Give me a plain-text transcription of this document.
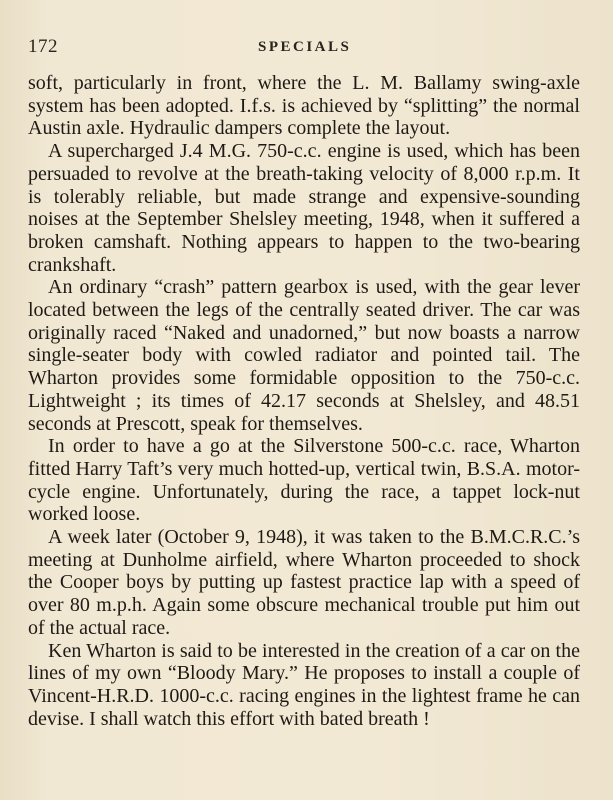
172	SPECIALS

soft, particularly in front, where the L. M. Ballamy swing-axle system has been adopted. I.f.s. is achieved by “splitting” the normal Austin axle. Hydraulic dampers complete the layout.

A supercharged J.4 M.G. 750-c.c. engine is used, which has been persuaded to revolve at the breath-taking velocity of 8,000 r.p.m. It is tolerably reliable, but made strange and expensive-sounding noises at the September Shelsley meeting, 1948, when it suffered a broken camshaft. Nothing appears to happen to the two-bearing crankshaft.

An ordinary “crash” pattern gearbox is used, with the gear lever located between the legs of the centrally seated driver. The car was originally raced “Naked and unadorned,” but now boasts a narrow single-seater body with cowled radiator and pointed tail. The Wharton provides some formidable opposition to the 750-c.c. Lightweight ; its times of 42.17 seconds at Shelsley, and 48.51 seconds at Prescott, speak for themselves.

In order to have a go at the Silverstone 500-c.c. race, Wharton fitted Harry Taft’s very much hotted-up, vertical twin, B.S.A. motor-cycle engine. Unfortunately, during the race, a tappet lock-nut worked loose.

A week later (October 9, 1948), it was taken to the B.M.C.R.C.’s meeting at Dunholme airfield, where Wharton proceeded to shock the Cooper boys by putting up fastest practice lap with a speed of over 80 m.p.h. Again some obscure mechanical trouble put him out of the actual race.

Ken Wharton is said to be interested in the creation of a car on the lines of my own “Bloody Mary.” He proposes to install a couple of Vincent-H.R.D. 1000-c.c. racing engines in the lightest frame he can devise. I shall watch this effort with bated breath !
